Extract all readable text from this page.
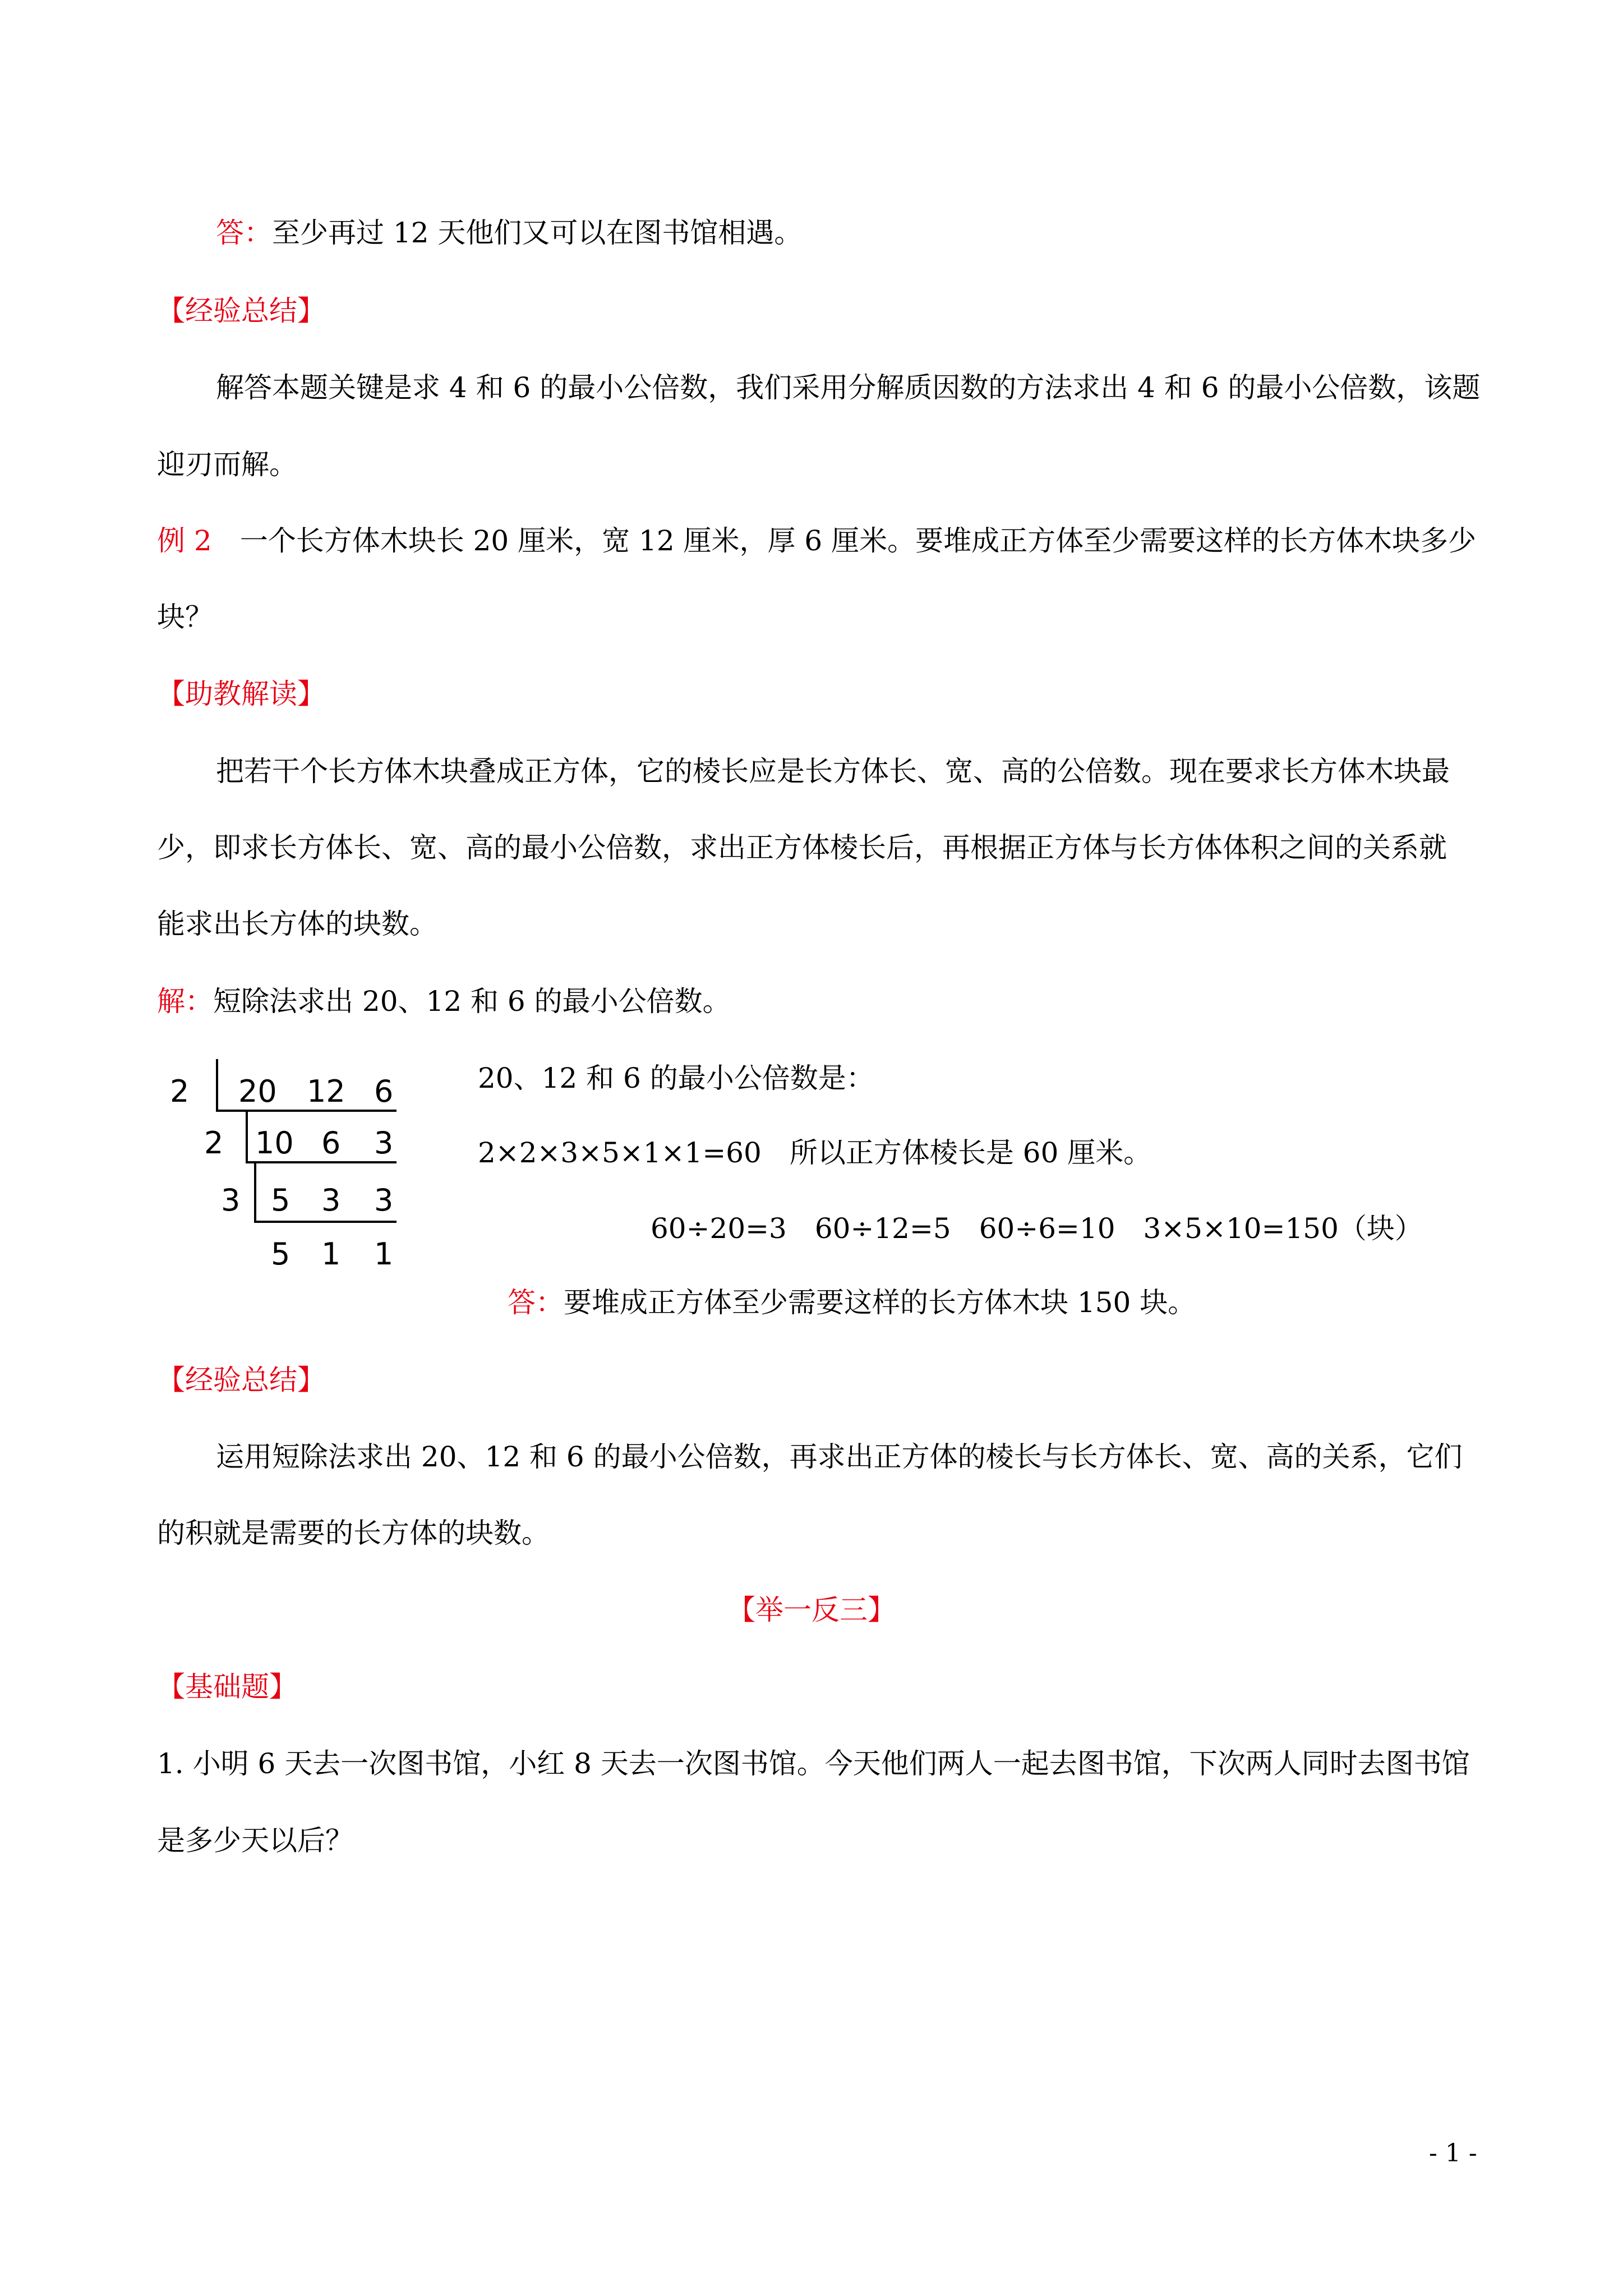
答：至少再过 12 天他们又可以在图书馆相遇。
【经验总结】
解答本题关键是求 4 和 6 的最小公倍数，我们采用分解质因数的方法求出 4 和 6 的最小公倍数，该题
迎刃而解。
例 2 一个长方体木块长 20 厘米，宽 12 厘米，厚 6 厘米。要堆成正方体至少需要这样的长方体木块多少
块？
【助教解读】
把若干个长方体木块叠成正方体，它的棱长应是长方体长、宽、高的公倍数。现在要求长方体木块最
少，即求长方体长、宽、高的最小公倍数，求出正方体棱长后，再根据正方体与长方体体积之间的关系就
能求出长方体的块数。
解：短除法求出 20、12 和 6 的最小公倍数。
2 20 12 6
2 10 6 3
3 5 3 3
5 1 1
20、12 和 6 的最小公倍数是：
2×2×3×5×1×1=60　所以正方体棱长是 60 厘米。
60÷20=3　60÷12=5　60÷6=10　3×5×10=150（块）
答：要堆成正方体至少需要这样的长方体木块 150 块。
【经验总结】
运用短除法求出 20、12 和 6 的最小公倍数，再求出正方体的棱长与长方体长、宽、高的关系，它们
的积就是需要的长方体的块数。
【举一反三】
【基础题】
1. 小明 6 天去一次图书馆，小红 8 天去一次图书馆。今天他们两人一起去图书馆，下次两人同时去图书馆
是多少天以后？
- 1 -
